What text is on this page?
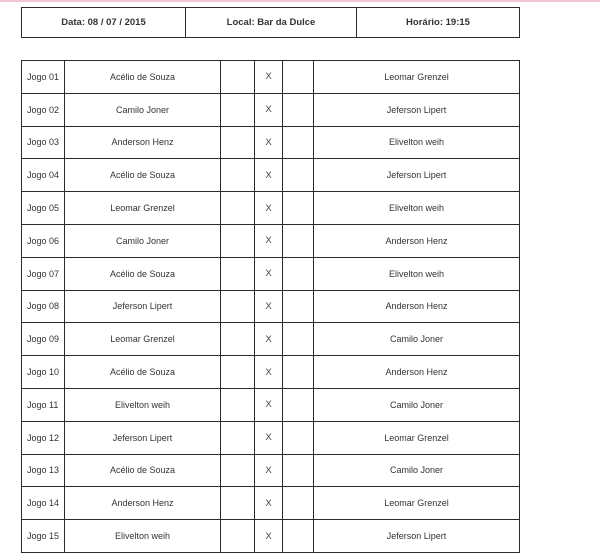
Data: 08 / 07 / 2015	Local: Bar da Dulce	Horário: 19:15
Jogo 01	Acélio de Souza		X		Leomar Grenzel
Jogo 02	Camilo Joner		X		Jeferson Lipert
Jogo 03	Anderson Henz		X		Elivelton weih
Jogo 04	Acélio de Souza		X		Jeferson Lipert
Jogo 05	Leomar Grenzel		X		Elivelton weih
Jogo 06	Camilo Joner		X		Anderson Henz
Jogo 07	Acélio de Souza		X		Elivelton weih
Jogo 08	Jeferson Lipert		X		Anderson Henz
Jogo 09	Leomar Grenzel		X		Camilo Joner
Jogo 10	Acélio de Souza		X		Anderson Henz
Jogo 11	Elivelton weih		X		Camilo Joner
Jogo 12	Jeferson Lipert		X		Leomar Grenzel
Jogo 13	Acélio de Souza		X		Camilo Joner
Jogo 14	Anderson Henz		X		Leomar Grenzel
Jogo 15	Elivelton weih		X		Jeferson Lipert
